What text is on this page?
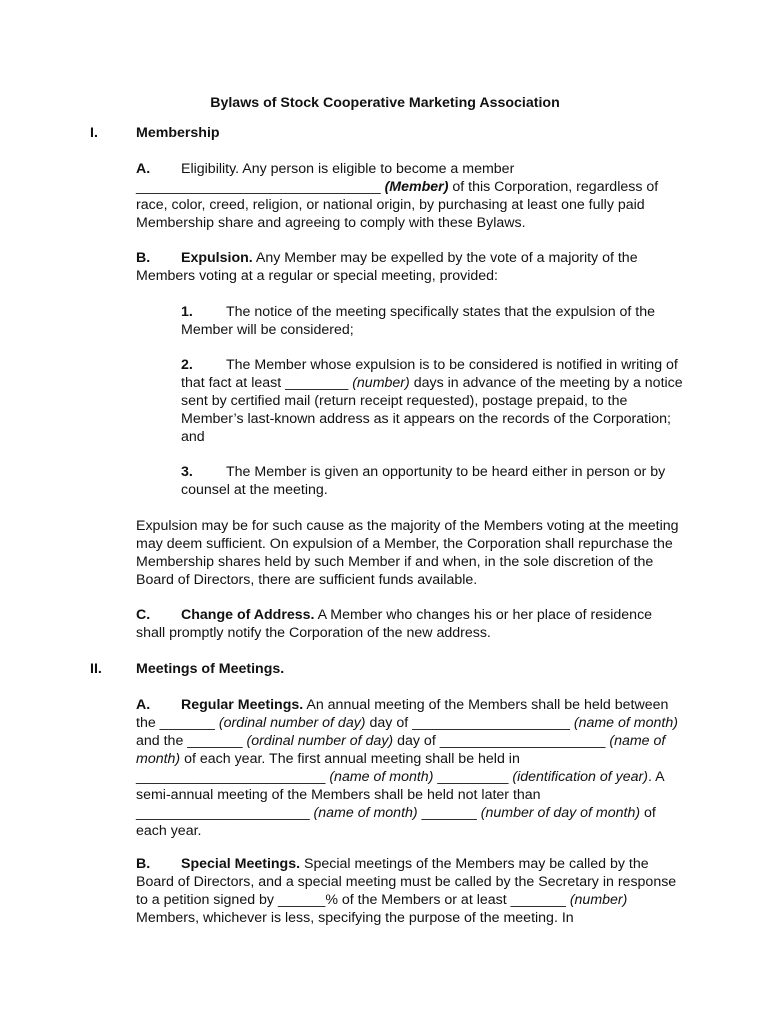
Bylaws of Stock Cooperative Marketing Association
I.	Membership

A. Eligibility. Any person is eligible to become a member _______________________________ (Member) of this Corporation, regardless of race, color, creed, religion, or national origin, by purchasing at least one fully paid Membership share and agreeing to comply with these Bylaws.

B. Expulsion. Any Member may be expelled by the vote of a majority of the Members voting at a regular or special meeting, provided:

1. The notice of the meeting specifically states that the expulsion of the Member will be considered;

2. The Member whose expulsion is to be considered is notified in writing of that fact at least ________ (number) days in advance of the meeting by a notice sent by certified mail (return receipt requested), postage prepaid, to the Member’s last-known address as it appears on the records of the Corporation; and

3. The Member is given an opportunity to be heard either in person or by counsel at the meeting.

Expulsion may be for such cause as the majority of the Members voting at the meeting may deem sufficient. On expulsion of a Member, the Corporation shall repurchase the Membership shares held by such Member if and when, in the sole discretion of the Board of Directors, there are sufficient funds available.

C. Change of Address. A Member who changes his or her place of residence shall promptly notify the Corporation of the new address.

II. Meetings of Meetings.

A. Regular Meetings. An annual meeting of the Members shall be held between the _______ (ordinal number of day) day of ____________________ (name of month) and the _______ (ordinal number of day) day of _____________________ (name of month) of each year. The first annual meeting shall be held in ________________________ (name of month) _________ (identification of year). A semi-annual meeting of the Members shall be held not later than ______________________ (name of month) _______ (number of day of month) of each year.

B. Special Meetings. Special meetings of the Members may be called by the Board of Directors, and a special meeting must be called by the Secretary in response to a petition signed by ______% of the Members or at least _______ (number) Members, whichever is less, specifying the purpose of the meeting. In
